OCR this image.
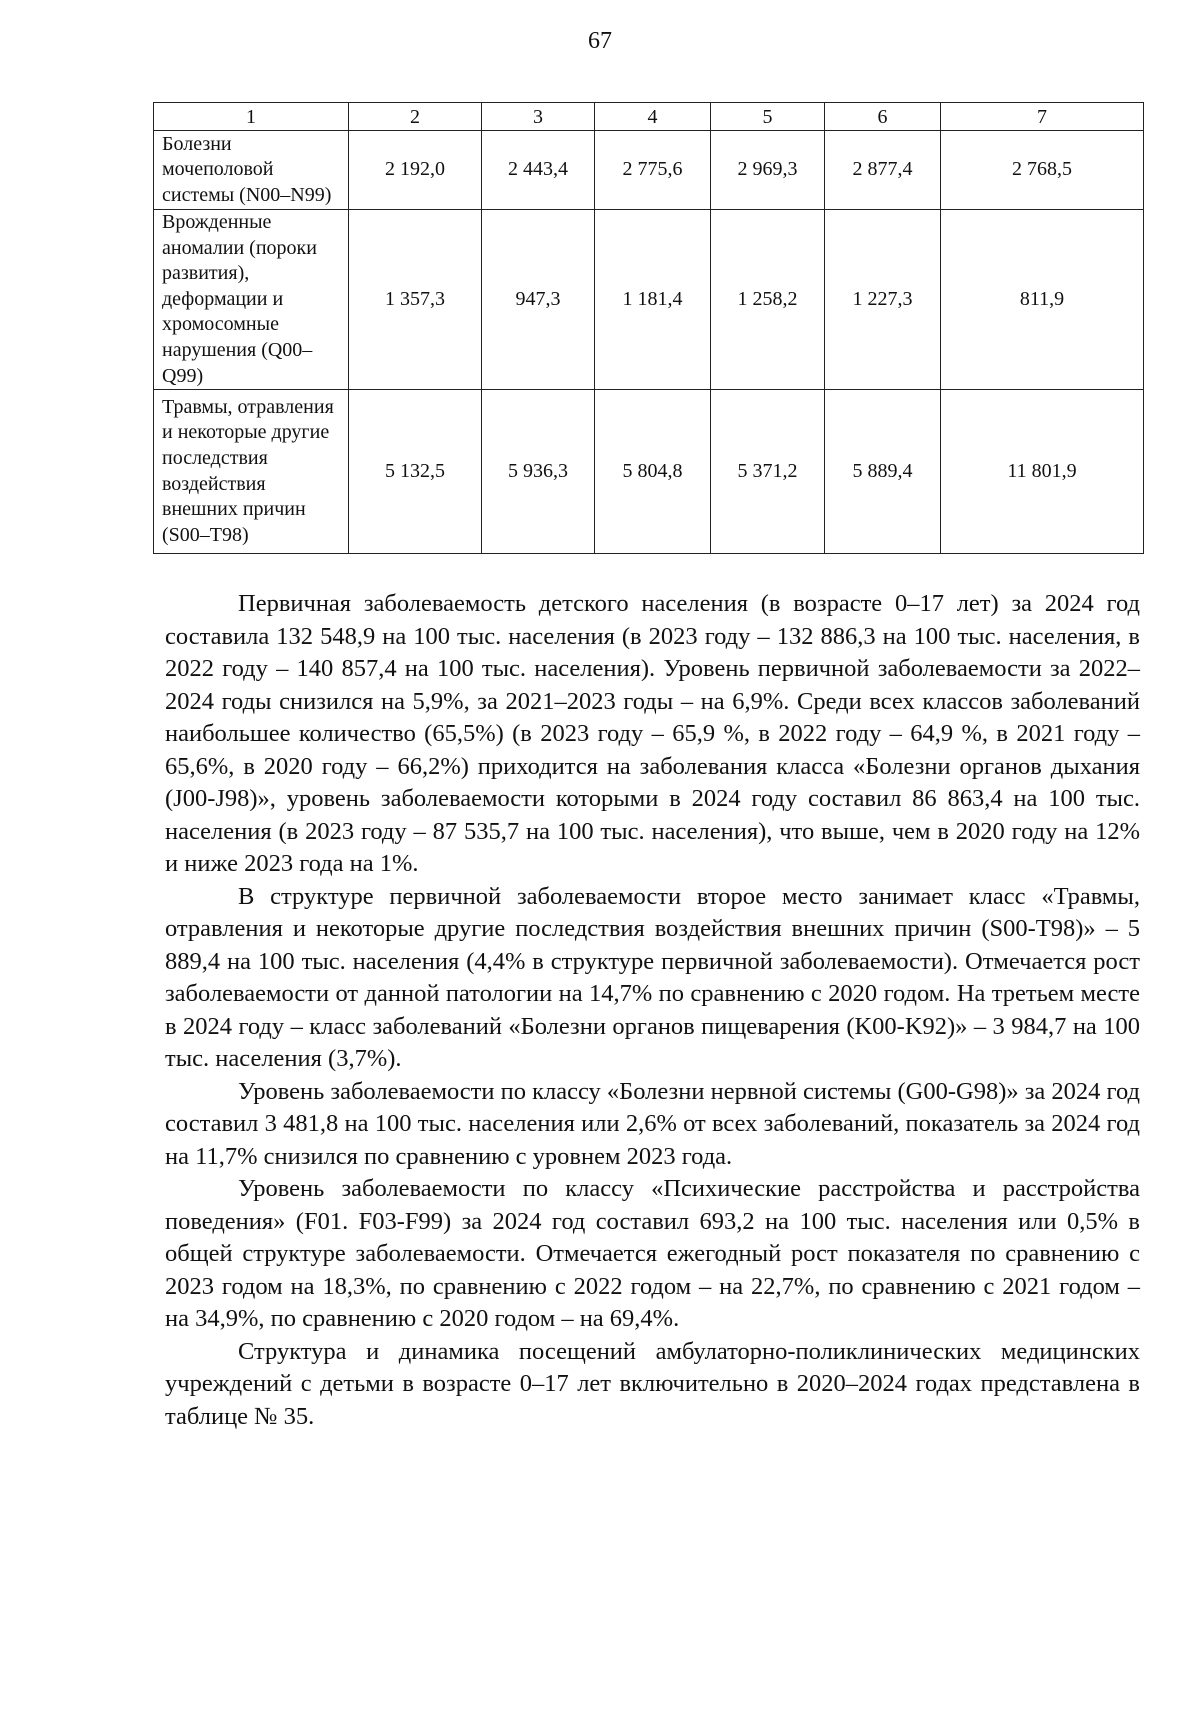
67
1	2	3	4	5	6	7
Болезни мочеполовой системы (N00–N99)	2 192,0	2 443,4	2 775,6	2 969,3	2 877,4	2 768,5
Врожденные аномалии (пороки развития), деформации и хромосомные нарушения (Q00–Q99)	1 357,3	947,3	1 181,4	1 258,2	1 227,3	811,9
Травмы, отравления и некоторые другие последствия воздействия внешних причин (S00–T98)	5 132,5	5 936,3	5 804,8	5 371,2	5 889,4	11 801,9

Первичная заболеваемость детского населения (в возрасте 0–17 лет) за 2024 год составила 132 548,9 на 100 тыс. населения (в 2023 году – 132 886,3 на 100 тыс. населения, в 2022 году – 140 857,4 на 100 тыс. населения). Уровень первичной заболеваемости за 2022–2024 годы снизился на 5,9%, за 2021–2023 годы – на 6,9%. Среди всех классов заболеваний наибольшее количество (65,5%) (в 2023 году – 65,9 %, в 2022 году – 64,9 %, в 2021 году – 65,6%, в 2020 году – 66,2%) приходится на заболевания класса «Болезни органов дыхания (J00-J98)», уровень заболеваемости которыми в 2024 году составил 86 863,4 на 100 тыс. населения (в 2023 году – 87 535,7 на 100 тыс. населения), что выше, чем в 2020 году на 12% и ниже 2023 года на 1%.

В структуре первичной заболеваемости второе место занимает класс «Травмы, отравления и некоторые другие последствия воздействия внешних причин (S00-T98)» – 5 889,4 на 100 тыс. населения (4,4% в структуре первичной заболеваемости). Отмечается рост заболеваемости от данной патологии на 14,7% по сравнению с 2020 годом. На третьем месте в 2024 году – класс заболеваний «Болезни органов пищеварения (K00-K92)» – 3 984,7 на 100 тыс. населения (3,7%).

Уровень заболеваемости по классу «Болезни нервной системы (G00-G98)» за 2024 год составил 3 481,8 на 100 тыс. населения или 2,6% от всех заболеваний, показатель за 2024 год на 11,7% снизился по сравнению с уровнем 2023 года.

Уровень заболеваемости по классу «Психические расстройства и расстройства поведения» (F01. F03-F99) за 2024 год составил 693,2 на 100 тыс. населения или 0,5% в общей структуре заболеваемости. Отмечается ежегодный рост показателя по сравнению с 2023 годом на 18,3%, по сравнению с 2022 годом – на 22,7%, по сравнению с 2021 годом – на 34,9%, по сравнению с 2020 годом – на 69,4%.

Структура и динамика посещений амбулаторно-поликлинических медицинских учреждений с детьми в возрасте 0–17 лет включительно в 2020–2024 годах представлена в таблице № 35.
